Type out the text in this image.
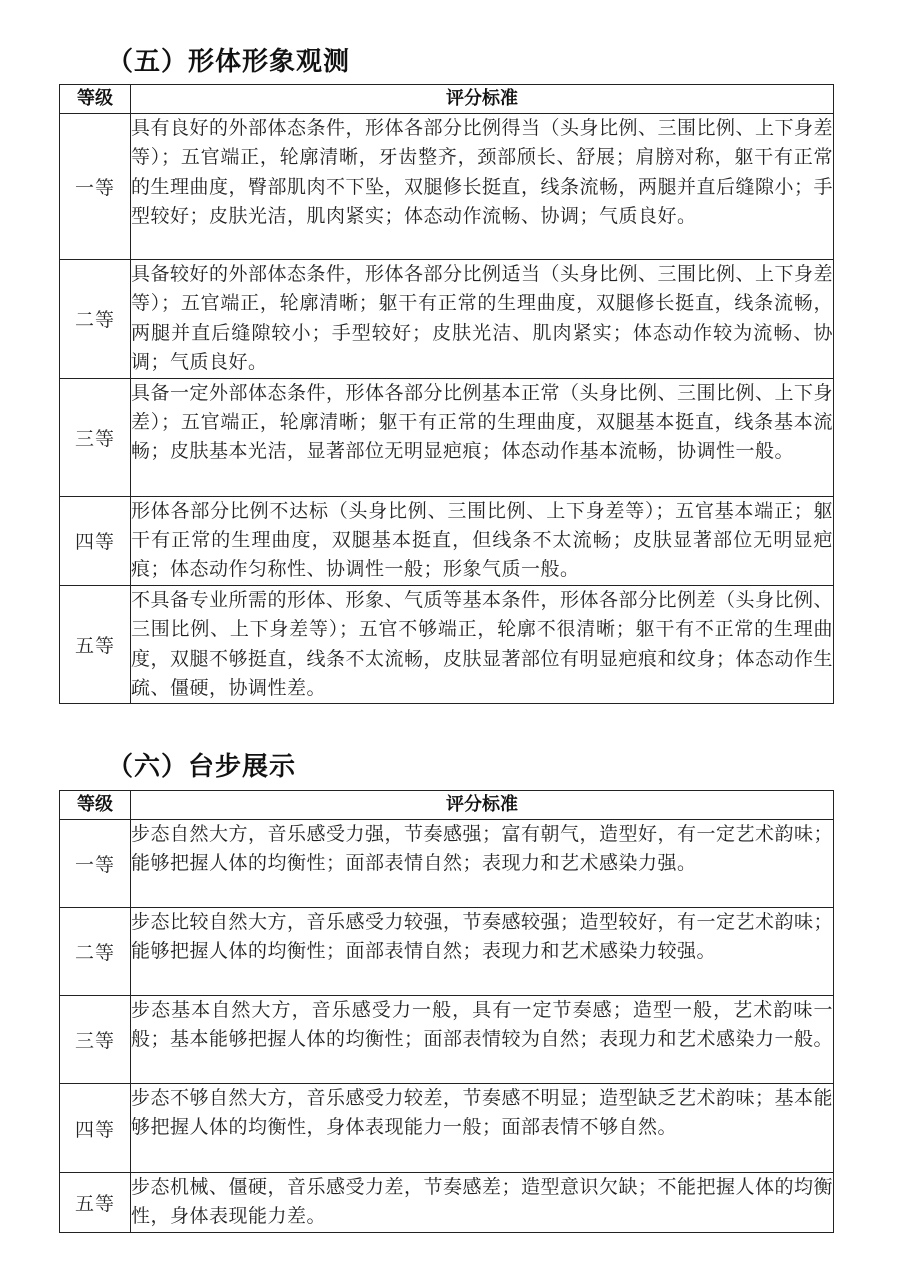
（五）形体形象观测
等级	评分标准
一等	具有良好的外部体态条件，形体各部分比例得当（头身比例、三围比例、上下身差等）；五官端正，轮廓清晰，牙齿整齐，颈部颀长、舒展；肩膀对称，躯干有正常的生理曲度，臀部肌肉不下坠，双腿修长挺直，线条流畅，两腿并直后缝隙小；手型较好；皮肤光洁，肌肉紧实；体态动作流畅、协调；气质良好。
二等	具备较好的外部体态条件，形体各部分比例适当（头身比例、三围比例、上下身差等）；五官端正，轮廓清晰；躯干有正常的生理曲度，双腿修长挺直，线条流畅，两腿并直后缝隙较小；手型较好；皮肤光洁、肌肉紧实；体态动作较为流畅、协调；气质良好。
三等	具备一定外部体态条件，形体各部分比例基本正常（头身比例、三围比例、上下身差）；五官端正，轮廓清晰；躯干有正常的生理曲度，双腿基本挺直，线条基本流畅；皮肤基本光洁，显著部位无明显疤痕；体态动作基本流畅，协调性一般。
四等	形体各部分比例不达标（头身比例、三围比例、上下身差等）；五官基本端正；躯干有正常的生理曲度，双腿基本挺直，但线条不太流畅；皮肤显著部位无明显疤痕；体态动作匀称性、协调性一般；形象气质一般。
五等	不具备专业所需的形体、形象、气质等基本条件，形体各部分比例差（头身比例、三围比例、上下身差等）；五官不够端正，轮廓不很清晰；躯干有不正常的生理曲度，双腿不够挺直，线条不太流畅，皮肤显著部位有明显疤痕和纹身；体态动作生疏、僵硬，协调性差。
（六）台步展示
等级	评分标准
一等	步态自然大方，音乐感受力强，节奏感强；富有朝气，造型好，有一定艺术韵味；能够把握人体的均衡性；面部表情自然；表现力和艺术感染力强。
二等	步态比较自然大方，音乐感受力较强，节奏感较强；造型较好，有一定艺术韵味；能够把握人体的均衡性；面部表情自然；表现力和艺术感染力较强。
三等	步态基本自然大方，音乐感受力一般，具有一定节奏感；造型一般，艺术韵味一般；基本能够把握人体的均衡性；面部表情较为自然；表现力和艺术感染力一般。
四等	步态不够自然大方，音乐感受力较差，节奏感不明显；造型缺乏艺术韵味；基本能够把握人体的均衡性，身体表现能力一般；面部表情不够自然。
五等	步态机械、僵硬，音乐感受力差，节奏感差；造型意识欠缺；不能把握人体的均衡性，身体表现能力差。
